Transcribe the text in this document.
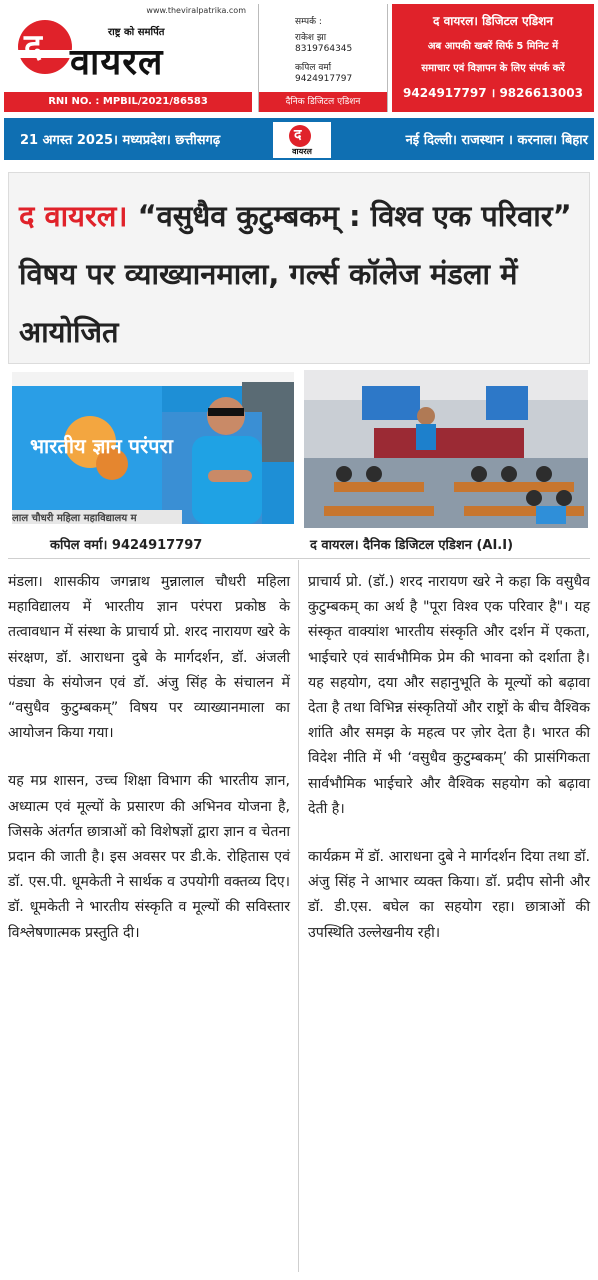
www.theviralpatrika.com
द	राष्ट्र को समर्पित
वायरल
RNI NO. : MPBIL/2021/86583
सम्पर्क :
राकेश झा
8319764345
कपिल वर्मा
9424917797
दैनिक डिजिटल एडिशन
द वायरल। डिजिटल एडिशन
अब आपकी खबरें सिर्फ 5 मिनिट में
समाचार एवं विज्ञापन के लिए संपर्क करें
9424917797 । 9826613003
21 अगस्त 2025। मध्यप्रदेश। छत्तीसगढ़	द
वायरल
नई दिल्ली। राजस्थान । करनाल। बिहार
द वायरल। “वसुधैव कुटुम्बकम् : विश्व एक परिवार” विषय पर व्याख्यानमाला, गर्ल्स कॉलेज मंडला में आयोजित
भारतीय ज्ञान परंपरा
लाल चौधरी महिला महाविद्यालय म
कपिल वर्मा। 9424917797	द वायरल। दैनिक डिजिटल एडिशन (AI.I)

मंडला। शासकीय जगन्नाथ मुन्नालाल चौधरी महिला महाविद्यालय में भारतीय ज्ञान परंपरा प्रकोष्ठ के तत्वावधान में संस्था के प्राचार्य प्रो. शरद नारायण खरे के संरक्षण, डॉ. आराधना दुबे के मार्गदर्शन, डॉ. अंजली पंड्या के संयोजन एवं डॉ. अंजु सिंह के संचालन में “वसुधैव कुटुम्बकम्” विषय पर व्याख्यानमाला का आयोजन किया गया।

यह मप्र शासन, उच्च शिक्षा विभाग की भारतीय ज्ञान, अध्यात्म एवं मूल्यों के प्रसारण की अभिनव योजना है, जिसके अंतर्गत छात्राओं को विशेषज्ञों द्वारा ज्ञान व चेतना प्रदान की जाती है। इस अवसर पर डी.के. रोहितास एवं डॉ. एस.पी. धूमकेती ने सार्थक व उपयोगी वक्तव्य दिए। डॉ. धूमकेती ने भारतीय संस्कृति व मूल्यों की सविस्तार विश्लेषणात्मक प्रस्तुति दी।

प्राचार्य प्रो. (डॉ.) शरद नारायण खरे ने कहा कि वसुधैव कुटुम्बकम् का अर्थ है "पूरा विश्व एक परिवार है"। यह संस्कृत वाक्यांश भारतीय संस्कृति और दर्शन में एकता, भाईचारे एवं सार्वभौमिक प्रेम की भावना को दर्शाता है। यह सहयोग, दया और सहानुभूति के मूल्यों को बढ़ावा देता है तथा विभिन्न संस्कृतियों और राष्ट्रों के बीच वैश्विक शांति और समझ के महत्व पर ज़ोर देता है। भारत की विदेश नीति में भी ‘वसुधैव कुटुम्बकम्’ की प्रासंगिकता सार्वभौमिक भाईचारे और वैश्विक सहयोग को बढ़ावा देती है।

कार्यक्रम में डॉ. आराधना दुबे ने मार्गदर्शन दिया तथा डॉ. अंजु सिंह ने आभार व्यक्त किया। डॉ. प्रदीप सोनी और डॉ. डी.एस. बघेल का सहयोग रहा। छात्राओं की उपस्थिति उल्लेखनीय रही।
